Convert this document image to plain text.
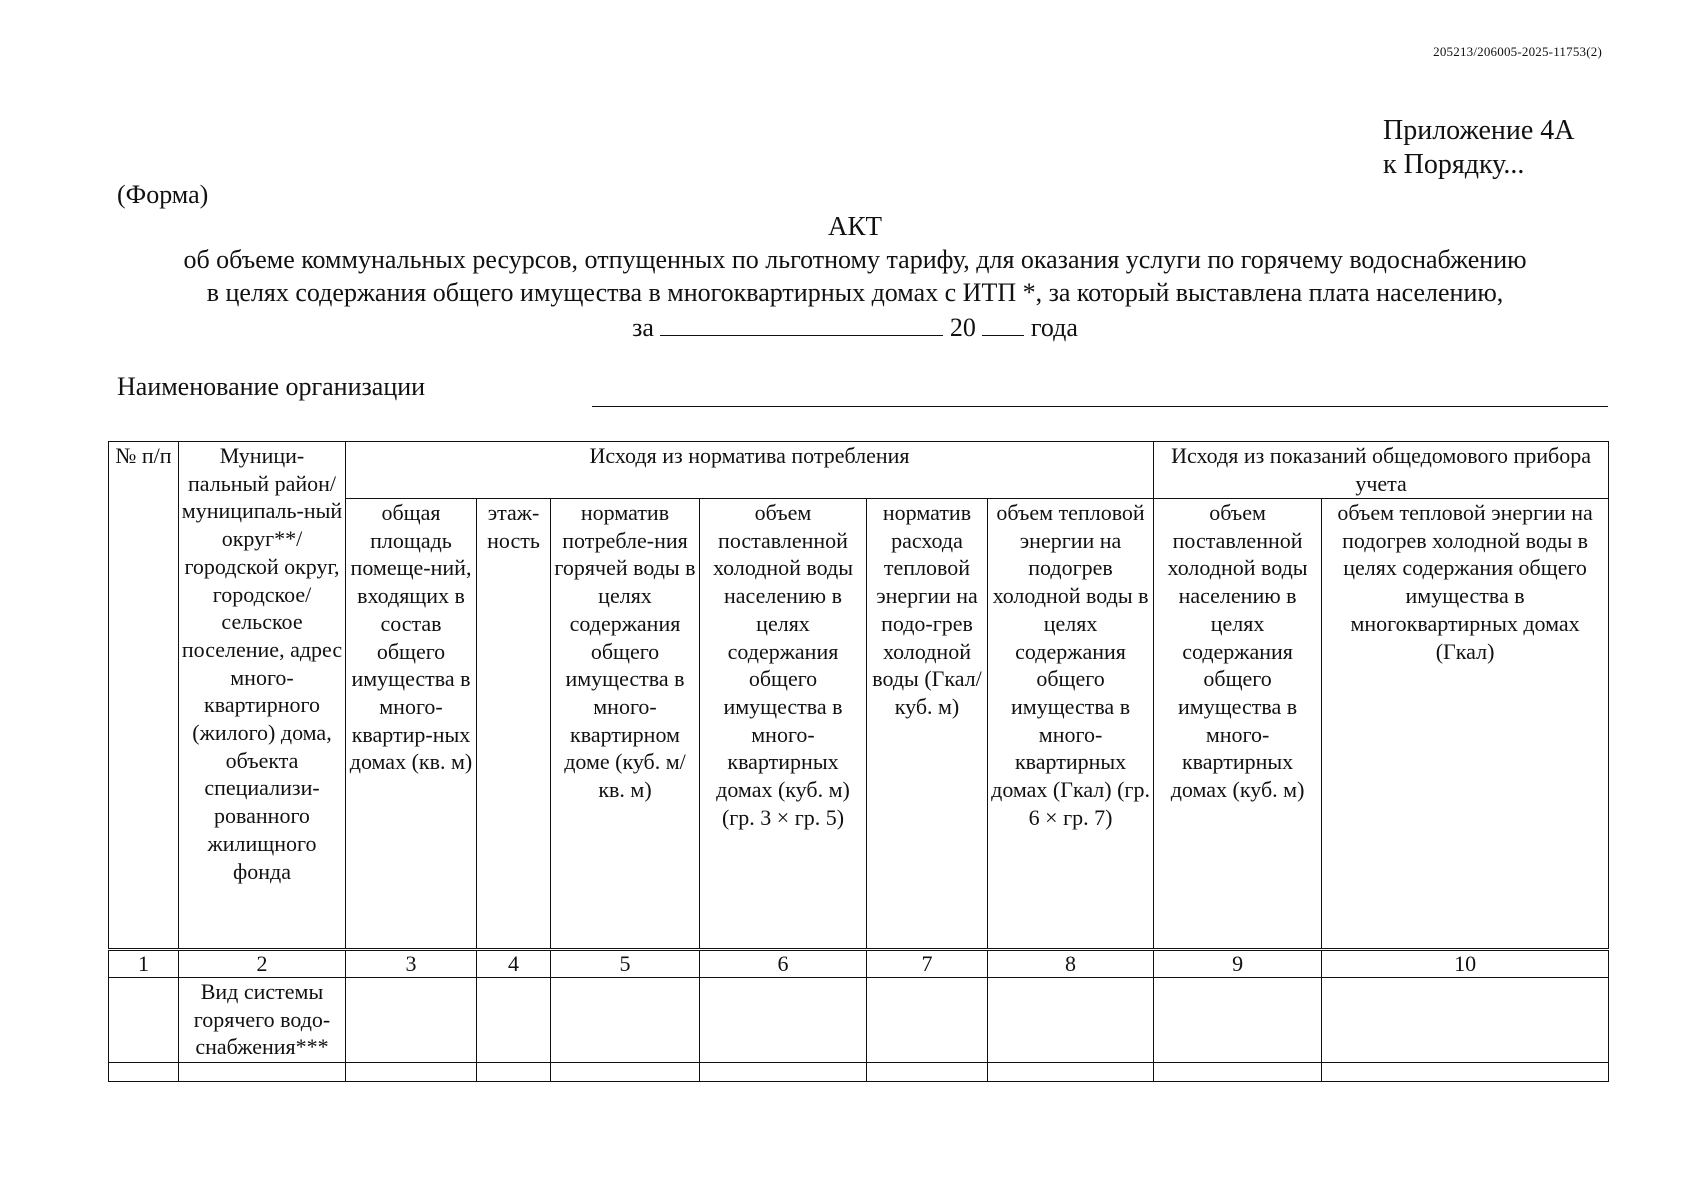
205213/206005-2025-11753(2)
Приложение 4А
к Порядку...
(Форма)
АКТ
об объеме коммунальных ресурсов, отпущенных по льготному тарифу, для оказания услуги по горячему водоснабжению
в целях содержания общего имущества в многоквартирных домах с ИТП *, за который выставлена плата населению,
за	20 года
Наименование организации
№ п/п	Муници-пальный район/ муниципаль-ный округ**/ городской округ, городское/ сельское поселение, адрес много-квартирного (жилого) дома, объекта специализи-рованного жилищного фонда	Исходя из норматива потребления						Исходя из показаний общедомового прибора учета	
		общая площадь помеще-ний, входящих в состав общего имущества в много-квартир-ных домах (кв. м)	этаж-ность	норматив потребле-ния горячей воды в целях содержания общего имущества в много-квартирном доме (куб. м/ кв. м)	объем поставленной холодной воды населению в целях содержания общего имущества в много-квартирных домах (куб. м) (гр. 3 × гр. 5)	норматив расхода тепловой энергии на подо-грев холодной воды (Гкал/ куб. м)	объем тепловой энергии на подогрев холодной воды в целях содержания общего имущества в много-квартирных домах (Гкал) (гр. 6 × гр. 7)	объем поставленной холодной воды населению в целях содержания общего имущества в много-квартирных домах (куб. м)	объем тепловой энергии на подогрев холодной воды в целях содержания общего имущества в многоквартирных домах (Гкал)
1	2	3	4	5	6	7	8	9	10
	Вид системы горячего водо-снабжения***								
